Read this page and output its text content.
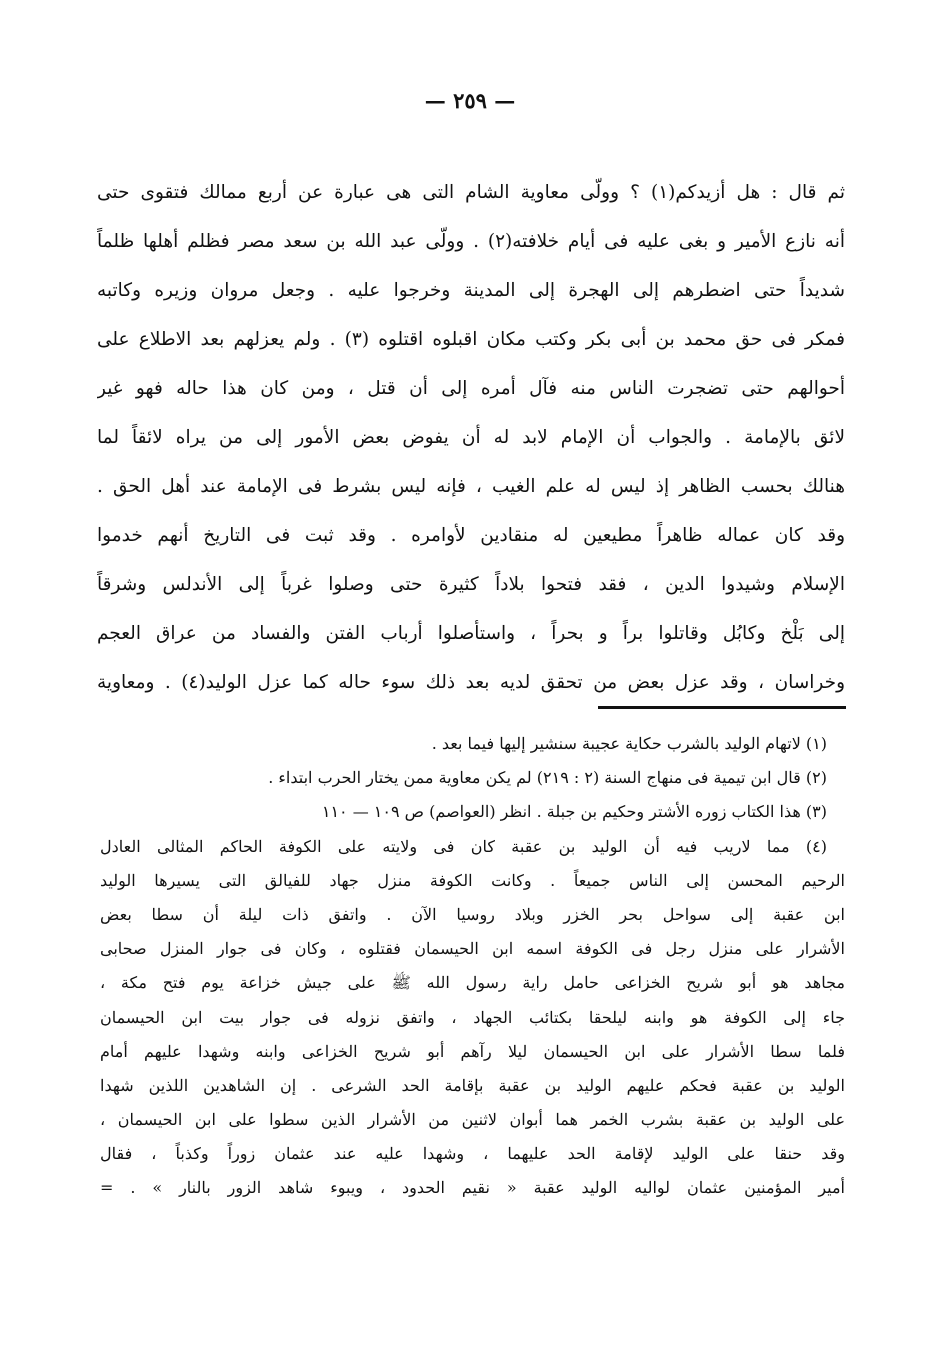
— ٢٥٩ —
ثم قال : هل أزيدكم(١) ؟ وولّى معاوية الشام التى هى عبارة عن أربع ممالك فتقوى حتى
أنه نازع الأمير و بغى عليه فى أيام خلافته(٢) . وولّى عبد الله بن سعد مصر فظلم أهلها ظلماً
شديداً حتى اضطرهم إلى الهجرة إلى المدينة وخرجوا عليه . وجعل مروان وزيره وكاتبه
فمكر فى حق محمد بن أبى بكر وكتب مكان اقبلوه اقتلوه (٣) . ولم يعزلهم بعد الاطلاع على
أحوالهم حتى تضجرت الناس منه فآل أمره إلى أن قتل ، ومن كان هذا حاله فهو غير
لائق بالإمامة . والجواب أن الإمام لابد له أن يفوض بعض الأمور إلى من يراه لائقاً لما
هنالك بحسب الظاهر إذ ليس له علم الغيب ، فإنه ليس بشرط فى الإمامة عند أهل الحق .
وقد كان عماله ظاهراً مطيعين له منقادين لأوامره . وقد ثبت فى التاريخ أنهم خدموا
الإسلام وشيدوا الدين ، فقد فتحوا بلاداً كثيرة حتى وصلوا غرباً إلى الأندلس وشرقاً
إلى بَلْخ وكابُل وقاتلوا براً و بحراً ، واستأصلوا أرباب الفتن والفساد من عراق العجم
وخراسان ، وقد عزل بعض من تحقق لديه بعد ذلك سوء حاله كما عزل الوليد(٤) . ومعاوية
(١) لاتهام الوليد بالشرب حكاية عجيبة سنشير إليها فيما بعد .
(٢) قال ابن تيمية فى منهاج السنة (٢ : ٢١٩) لم يكن معاوية ممن يختار الحرب ابتداء .
(٣) هذا الكتاب زوره الأشتر وحكيم بن جبلة . انظر (العواصم) ص ١٠٩ — ١١٠
(٤) مما لاريب فيه أن الوليد بن عقبة كان فى ولايته على الكوفة الحاكم المثالى العادل
الرحيم المحسن إلى الناس جميعاً . وكانت الكوفة منزل جهاد للفيالق التى يسيرها الوليد
ابن عقبة إلى سواحل بحر الخزر وبلاد روسيا الآن . واتفق ذات ليلة أن سطا بعض
الأشرار على منزل رجل فى الكوفة اسمه ابن الحيسمان فقتلوه ، وكان فى جوار المنزل صحابى
مجاهد هو أبو شريح الخزاعى حامل راية رسول الله ﷺ على جيش خزاعة يوم فتح مكة ،
جاء إلى الكوفة هو وابنه ليلحقا بكتائب الجهاد ، واتفق نزوله فى جوار بيت ابن الحيسمان
فلما سطا الأشرار على ابن الحيسمان ليلا رآهم أبو شريح الخزاعى وابنه وشهدا عليهم أمام
الوليد بن عقبة فحكم عليهم الوليد بن عقبة بإقامة الحد الشرعى . إن الشاهدين اللذين شهدا
على الوليد بن عقبة بشرب الخمر هما أبوان لاثنين من الأشرار الذين سطوا على ابن الحيسمان ،
وقد حنقا على الوليد لإقامة الحد عليهما ، وشهدا عليه عند عثمان زوراً وكذباً ، فقال
أمير المؤمنين عثمان لواليه الوليد عقبة « نقيم الحدود ، ويبوء شاهد الزور بالنار » . =
